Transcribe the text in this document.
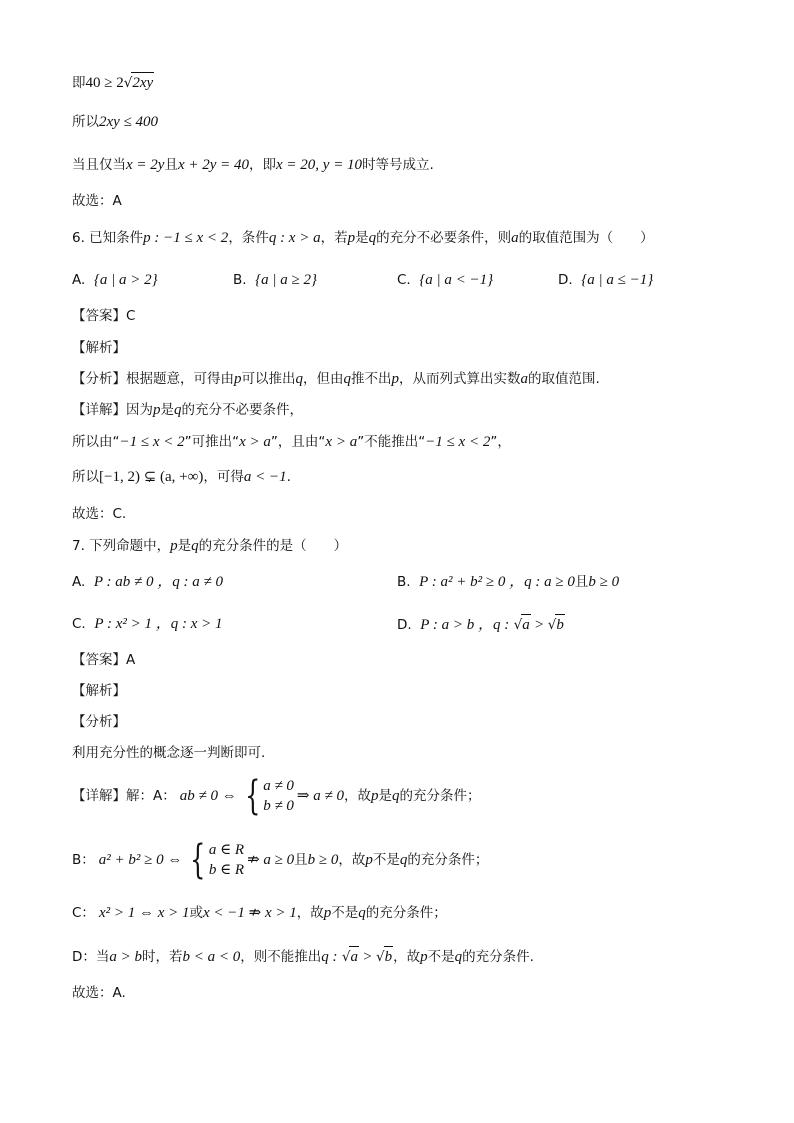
即40 ≥ 2√2xy
所以2xy ≤ 400
当且仅当x = 2y且x + 2y = 40，即x = 20, y = 10时等号成立.
故选：A
6. 已知条件p : −1 ≤ x < 2，条件q : x > a，若p是q的充分不必要条件，则a的取值范围为（　　）
A. {a | a > 2}	B. {a | a ≥ 2}	C. {a | a < −1}	D. {a | a ≤ −1}
【答案】C
【解析】
【分析】根据题意，可得由p可以推出q，但由q推不出p，从而列式算出实数a的取值范围.
【详解】因为p是q的充分不必要条件，
所以由“−1 ≤ x < 2”可推出“x > a”，且由“x > a”不能推出“−1 ≤ x < 2”，
所以[−1, 2) ⊊ (a, +∞)，可得a < −1.
故选：C.
7. 下列命题中，p是q的充分条件的是（　　）
A. P : ab ≠ 0 ，q : a ≠ 0	B. P : a² + b² ≥ 0 ，q : a ≥ 0且b ≥ 0
C. P : x² > 1 ，q : x > 1	D. P : a > b ，q : √a > √b
【答案】A
【解析】
【分析】
利用充分性的概念逐一判断即可.
【详解】 解：A： ab ≠ 0 ⇔ { a ≠ 0
b ≠ 0
⇒ a ≠ 0 ，故 p 是 q 的充分条件；
B： a² + b² ≥ 0 ⇔ { a ∈ R
b ∈ R
⇏ a ≥ 0 且 b ≥ 0 ，故 p 不是 q 的充分条件；
C： x² > 1 ⇔ x > 1或x < −1 ⇏ x > 1，故p不是q的充分条件；
D：当a > b时，若b < a < 0，则不能推出q : √a > √b，故p不是q的充分条件.
故选：A.
